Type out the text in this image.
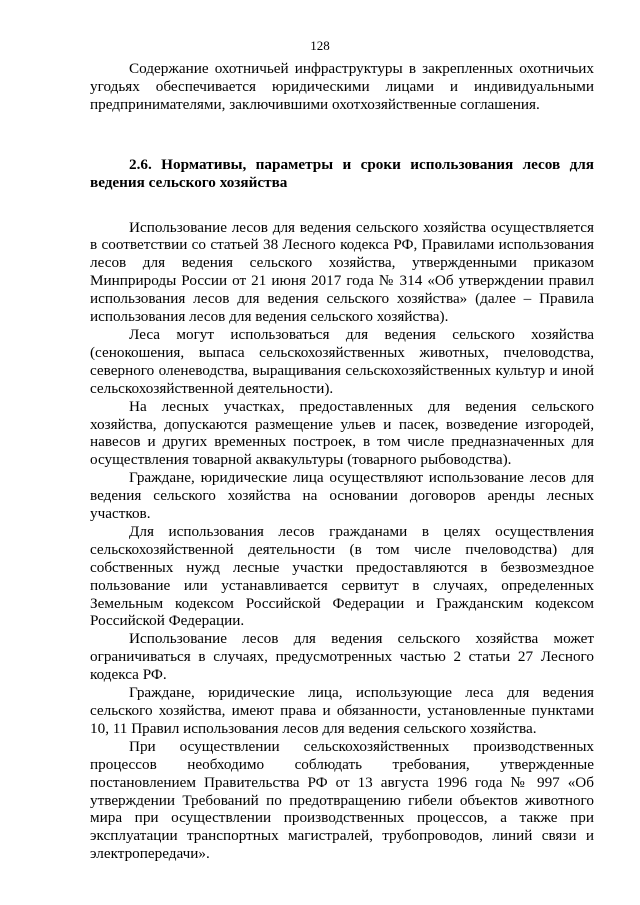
128

Содержание охотничьей инфраструктуры в закрепленных охотничьих угодьях обеспечивается юридическими лицами и индивидуальными предпринимателями, заключившими охотхозяйственные соглашения.

2.6. Нормативы, параметры и сроки использования лесов для ведения сельского хозяйства

Использование лесов для ведения сельского хозяйства осуществляется в соответствии со статьей 38 Лесного кодекса РФ, Правилами использования лесов для ведения сельского хозяйства, утвержденными приказом Минприроды России от 21 июня 2017 года № 314 «Об утверждении правил использования лесов для ведения сельского хозяйства» (далее – Правила использования лесов для ведения сельского хозяйства).

Леса могут использоваться для ведения сельского хозяйства (сенокошения, выпаса сельскохозяйственных животных, пчеловодства, северного оленеводства, выращивания сельскохозяйственных культур и иной сельскохозяйственной деятельности).

На лесных участках, предоставленных для ведения сельского хозяйства, допускаются размещение ульев и пасек, возведение изгородей, навесов и других временных построек, в том числе предназначенных для осуществления товарной аквакультуры (товарного рыбоводства).

Граждане, юридические лица осуществляют использование лесов для ведения сельского хозяйства на основании договоров аренды лесных участков.

Для использования лесов гражданами в целях осуществления сельскохозяйственной деятельности (в том числе пчеловодства) для собственных нужд лесные участки предоставляются в безвозмездное пользование или устанавливается сервитут в случаях, определенных Земельным кодексом Российской Федерации и Гражданским кодексом Российской Федерации.

Использование лесов для ведения сельского хозяйства может ограничиваться в случаях, предусмотренных частью 2 статьи 27 Лесного кодекса РФ.

Граждане, юридические лица, использующие леса для ведения сельского хозяйства, имеют права и обязанности, установленные пунктами 10, 11 Правил использования лесов для ведения сельского хозяйства.

При осуществлении сельскохозяйственных производственных процессов необходимо соблюдать требования, утвержденные постановлением Правительства РФ от 13 августа 1996 года № 997 «Об утверждении Требований по предотвращению гибели объектов животного мира при осуществлении производственных процессов, а также при эксплуатации транспортных магистралей, трубопроводов, линий связи и электропередачи».
